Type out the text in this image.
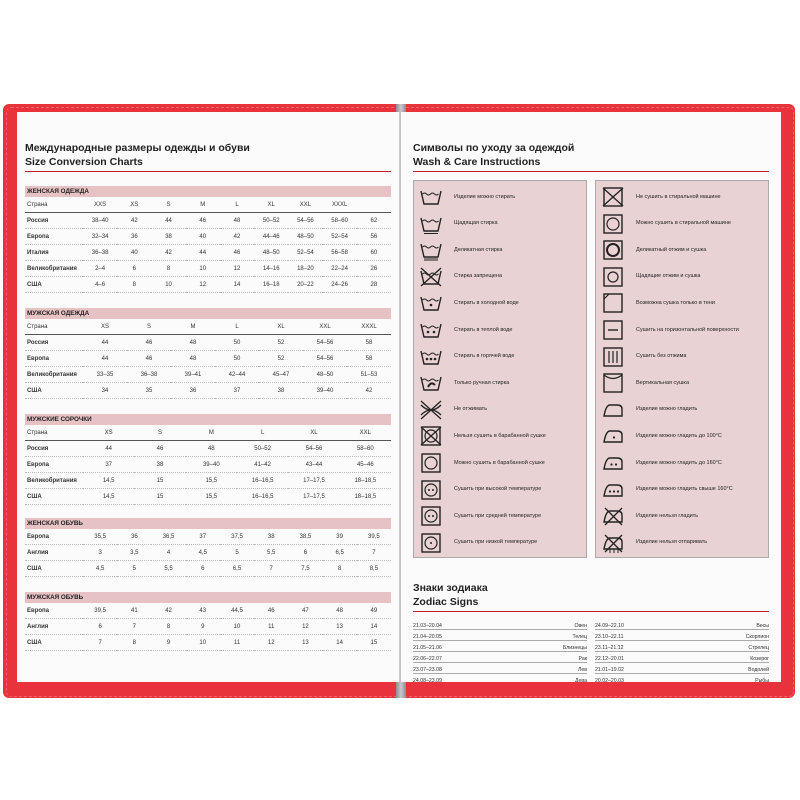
Международные размеры одежды и обуви
Size Conversion Charts
ЖЕНСКАЯ ОДЕЖДА
Страна	XXS	XS	S	M	L	XL	XXL	XXXL	
Россия	38–40	42	44	46	48	50–52	54–56	58–60	62
Европа	32–34	36	38	40	42	44–46	48–50	52–54	56
Италия	36–38	40	42	44	46	48–50	52–54	56–58	60
Великобритания	2–4	6	8	10	12	14–16	18–20	22–24	26
США	4–6	8	10	12	14	16–18	20–22	24–26	28
МУЖСКАЯ ОДЕЖДА
Страна	XS	S	M	L	XL	XXL	XXXL
Россия	44	46	48	50	52	54–56	58
Европа	44	46	48	50	52	54–56	58
Великобритания	33–35	36–38	39–41	42–44	45–47	48–50	51–53
США	34	35	36	37	38	39–40	42
МУЖСКИЕ СОРОЧКИ
Страна	XS	S	M	L	XL	XXL
Россия	44	46	48	50–52	54–56	58–60
Европа	37	38	39–40	41–42	43–44	45–46
Великобритания	14,5	15	15,5	16–16,5	17–17,5	18–18,5
США	14,5	15	15,5	16–16,5	17–17,5	18–18,5
ЖЕНСКАЯ ОБУВЬ
Европа	35,5	36	36,5	37	37,5	38	38,5	39	39,5
Англия	3	3,5	4	4,5	5	5,5	6	6,5	7
США	4,5	5	5,5	6	6,5	7	7,5	8	8,5
МУЖСКАЯ ОБУВЬ
Европа	39,5	41	42	43	44,5	46	47	48	49
Англия	6	7	8	9	10	11	12	13	14
США	7	8	9	10	11	12	13	14	15
Символы по уходу за одеждой
Wash & Care Instructions
Изделие можно стирать
Щадящая стирка
Деликатная стирка
Стирка запрещена
Стирать в холодной воде
Стирать в теплой воде
Стирать в горячей воде
Только ручная стирка
Не отжимать
Нельзя сушить в барабанной сушке
Можно сушить в барабанной сушке
Сушить при высокой температуре
Сушить при средней температуре
Сушить при низкой температуре
Не сушить в стиральной машине
Можно сушить в стиральной машине
Деликатный отжим и сушка
Щадящие отжим и сушка
Возможна сушка только в тени
Сушить на горизонтальной поверхности
Сушить без отжима
Вертикальная сушка
Изделие можно гладить
Изделие можно гладить до 100°C
Изделие можно гладить до 160°C
Изделие можно гладить свыше 160°C
Изделие нельзя гладить
Изделие нельзя отпаривать
Знаки зодиака
Zodiac Signs
21.03–20.04	Овен
21.04–20.05	Телец
21.05–21.06	Близнецы
22.06–22.07	Рак
23.07–23.08	Лев
24.08–23.09	Дева
24.09–22.10	Весы
23.10–22.11	Скорпион
23.11–21.12	Стрелец
22.12–20.01	Козерог
21.01–19.02	Водолей
20.02–20.03	Рыбы
